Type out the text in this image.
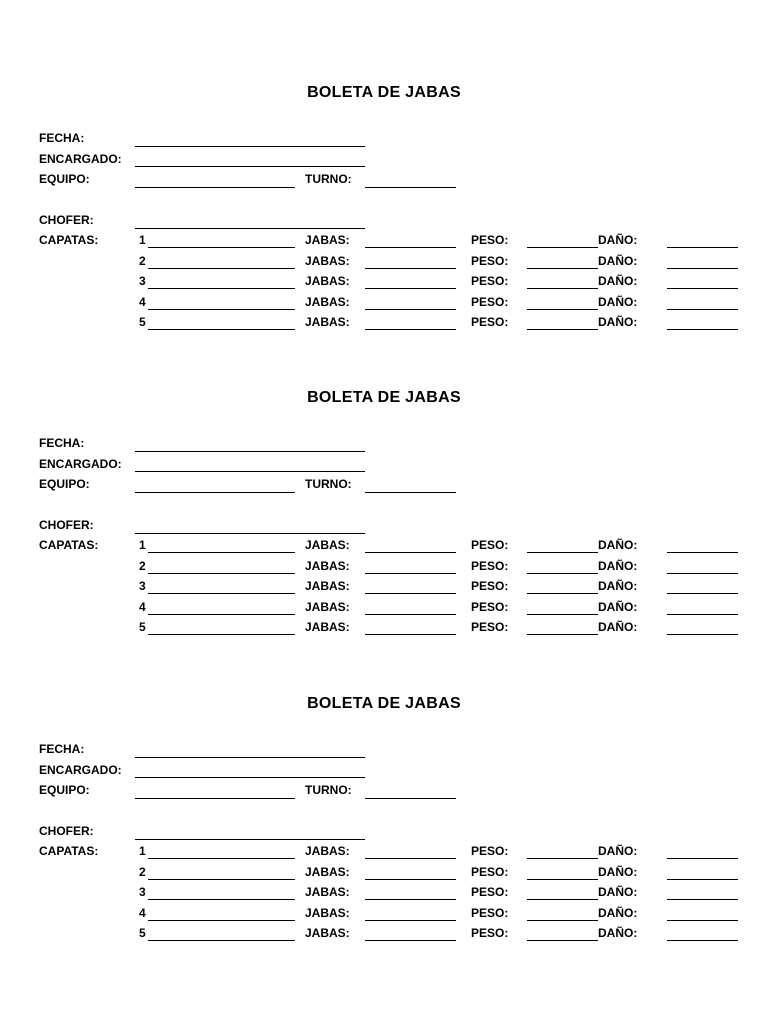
BOLETA DE JABAS
FECHA:
ENCARGADO:
EQUIPO:	TURNO:
CHOFER:
CAPATAS:	1	JABAS:	PESO:	DAÑO:
2	JABAS:	PESO:	DAÑO:
3	JABAS:	PESO:	DAÑO:
4	JABAS:	PESO:	DAÑO:
5	JABAS:	PESO:	DAÑO:
BOLETA DE JABAS
FECHA:
ENCARGADO:
EQUIPO:	TURNO:
CHOFER:
CAPATAS:	1	JABAS:	PESO:	DAÑO:
2	JABAS:	PESO:	DAÑO:
3	JABAS:	PESO:	DAÑO:
4	JABAS:	PESO:	DAÑO:
5	JABAS:	PESO:	DAÑO:
BOLETA DE JABAS
FECHA:
ENCARGADO:
EQUIPO:	TURNO:
CHOFER:
CAPATAS:	1	JABAS:	PESO:	DAÑO:
2	JABAS:	PESO:	DAÑO:
3	JABAS:	PESO:	DAÑO:
4	JABAS:	PESO:	DAÑO:
5	JABAS:	PESO:	DAÑO:
